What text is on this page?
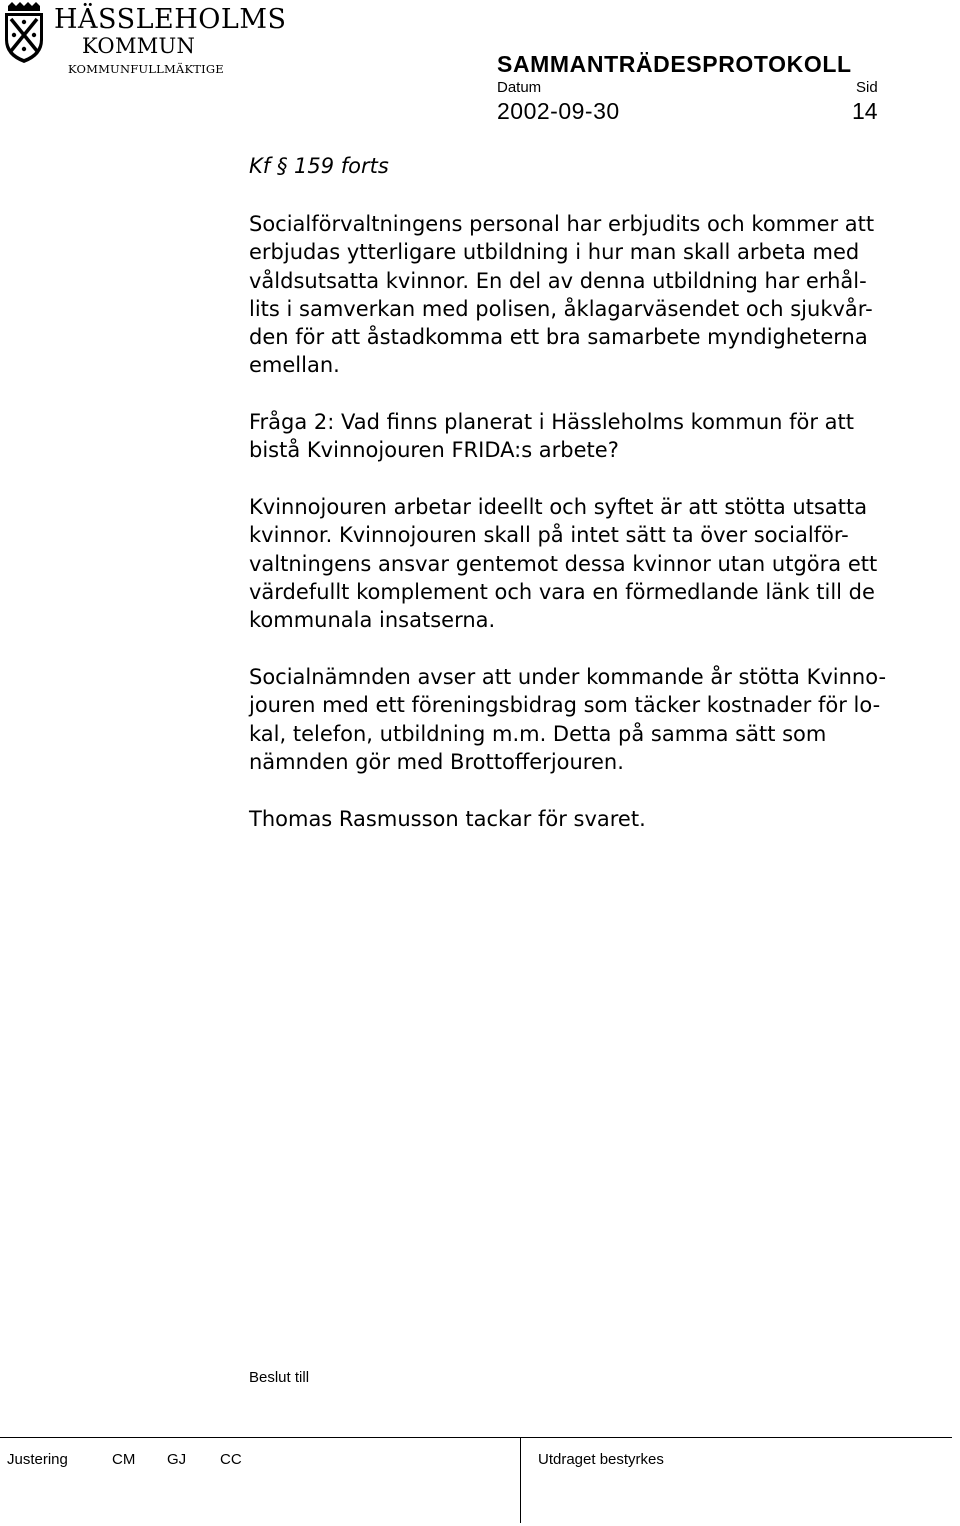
HÄSSLEHOLMS
KOMMUN
KOMMUNFULLMÄKTIGE	SAMMANTRÄDESPROTOKOLL
Datum	Sid
2002-09-30	14
Kf § 159 forts
Socialförvaltningens personal har erbjudits och kommer att
erbjudas ytterligare utbildning i hur man skall arbeta med
våldsutsatta kvinnor. En del av denna utbildning har erhål-
lits i samverkan med polisen, åklagarväsendet och sjukvår-
den för att åstadkomma ett bra samarbete myndigheterna
emellan.
Fråga 2: Vad finns planerat i Hässleholms kommun för att
bistå Kvinnojouren FRIDA:s arbete?
Kvinnojouren arbetar ideellt och syftet är att stötta utsatta
kvinnor. Kvinnojouren skall på intet sätt ta över socialför-
valtningens ansvar gentemot dessa kvinnor utan utgöra ett
värdefullt komplement och vara en förmedlande länk till de
kommunala insatserna.
Socialnämnden avser att under kommande år stötta Kvinno-
jouren med ett föreningsbidrag som täcker kostnader för lo-
kal, telefon, utbildning m.m. Detta på samma sätt som
nämnden gör med Brottofferjouren.
Thomas Rasmusson tackar för svaret.
Beslut till
Justering	CM GJ CC	Utdraget bestyrkes
